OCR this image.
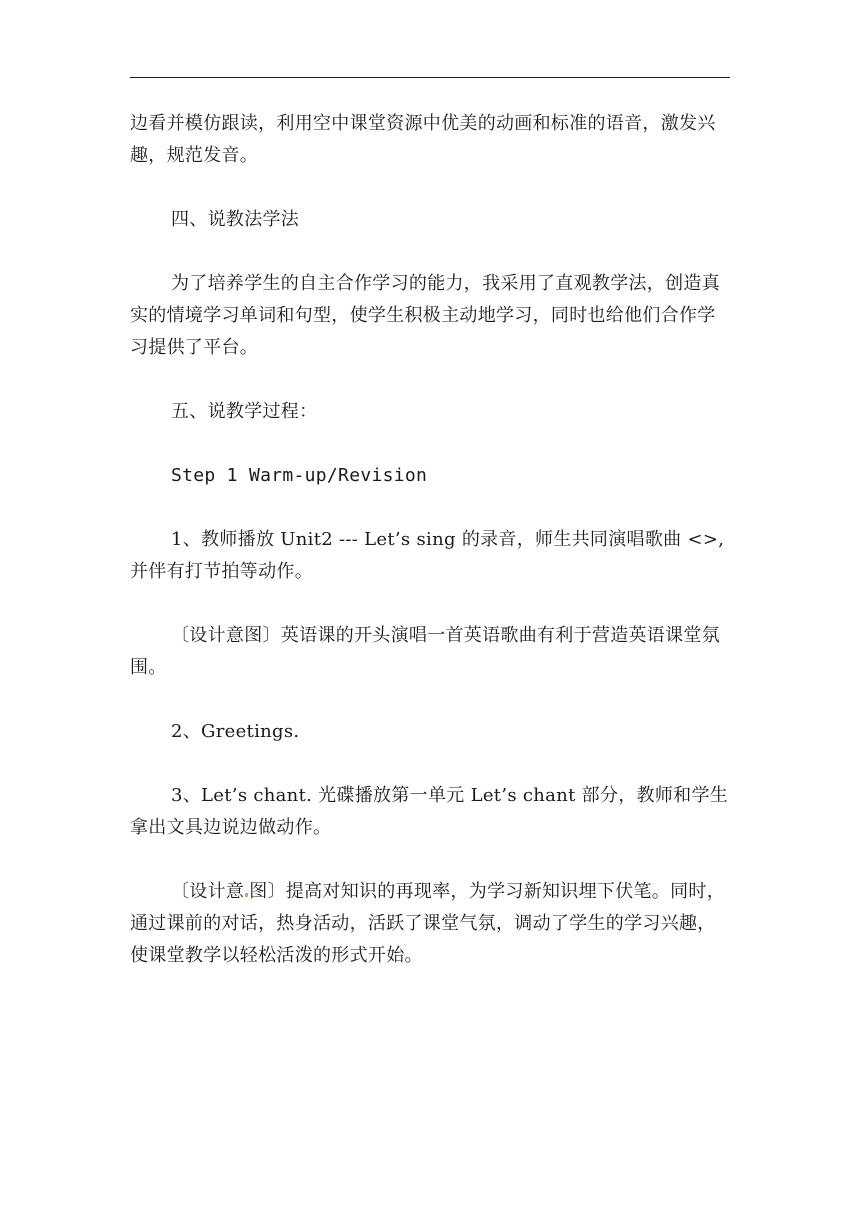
边看并模仿跟读，利用空中课堂资源中优美的动画和标准的语音，激发兴趣，规范发音。

四、说教法学法

为了培养学生的自主合作学习的能力，我采用了直观教学法，创造真实的情境学习单词和句型，使学生积极主动地学习，同时也给他们合作学习提供了平台。

五、说教学过程：

Step 1 Warm-up/Revision

1、教师播放 Unit2 --- Let’s sing 的录音，师生共同演唱歌曲 <>,并伴有打节拍等动作。

〔设计意图〕英语课的开头演唱一首英语歌曲有利于营造英语课堂氛围。

2、Greetings.

3、Let’s chant. 光碟播放第一单元 Let’s chant 部分，教师和学生拿出文具边说边做动作。

〔设计意 图〕提高对知识的再现率，为学习新知识埋下伏笔。同时，通过课前的对话，热身活动，活跃了课堂气氛，调动了学生的学习兴趣，使课堂教学以轻松活泼的形式开始。
